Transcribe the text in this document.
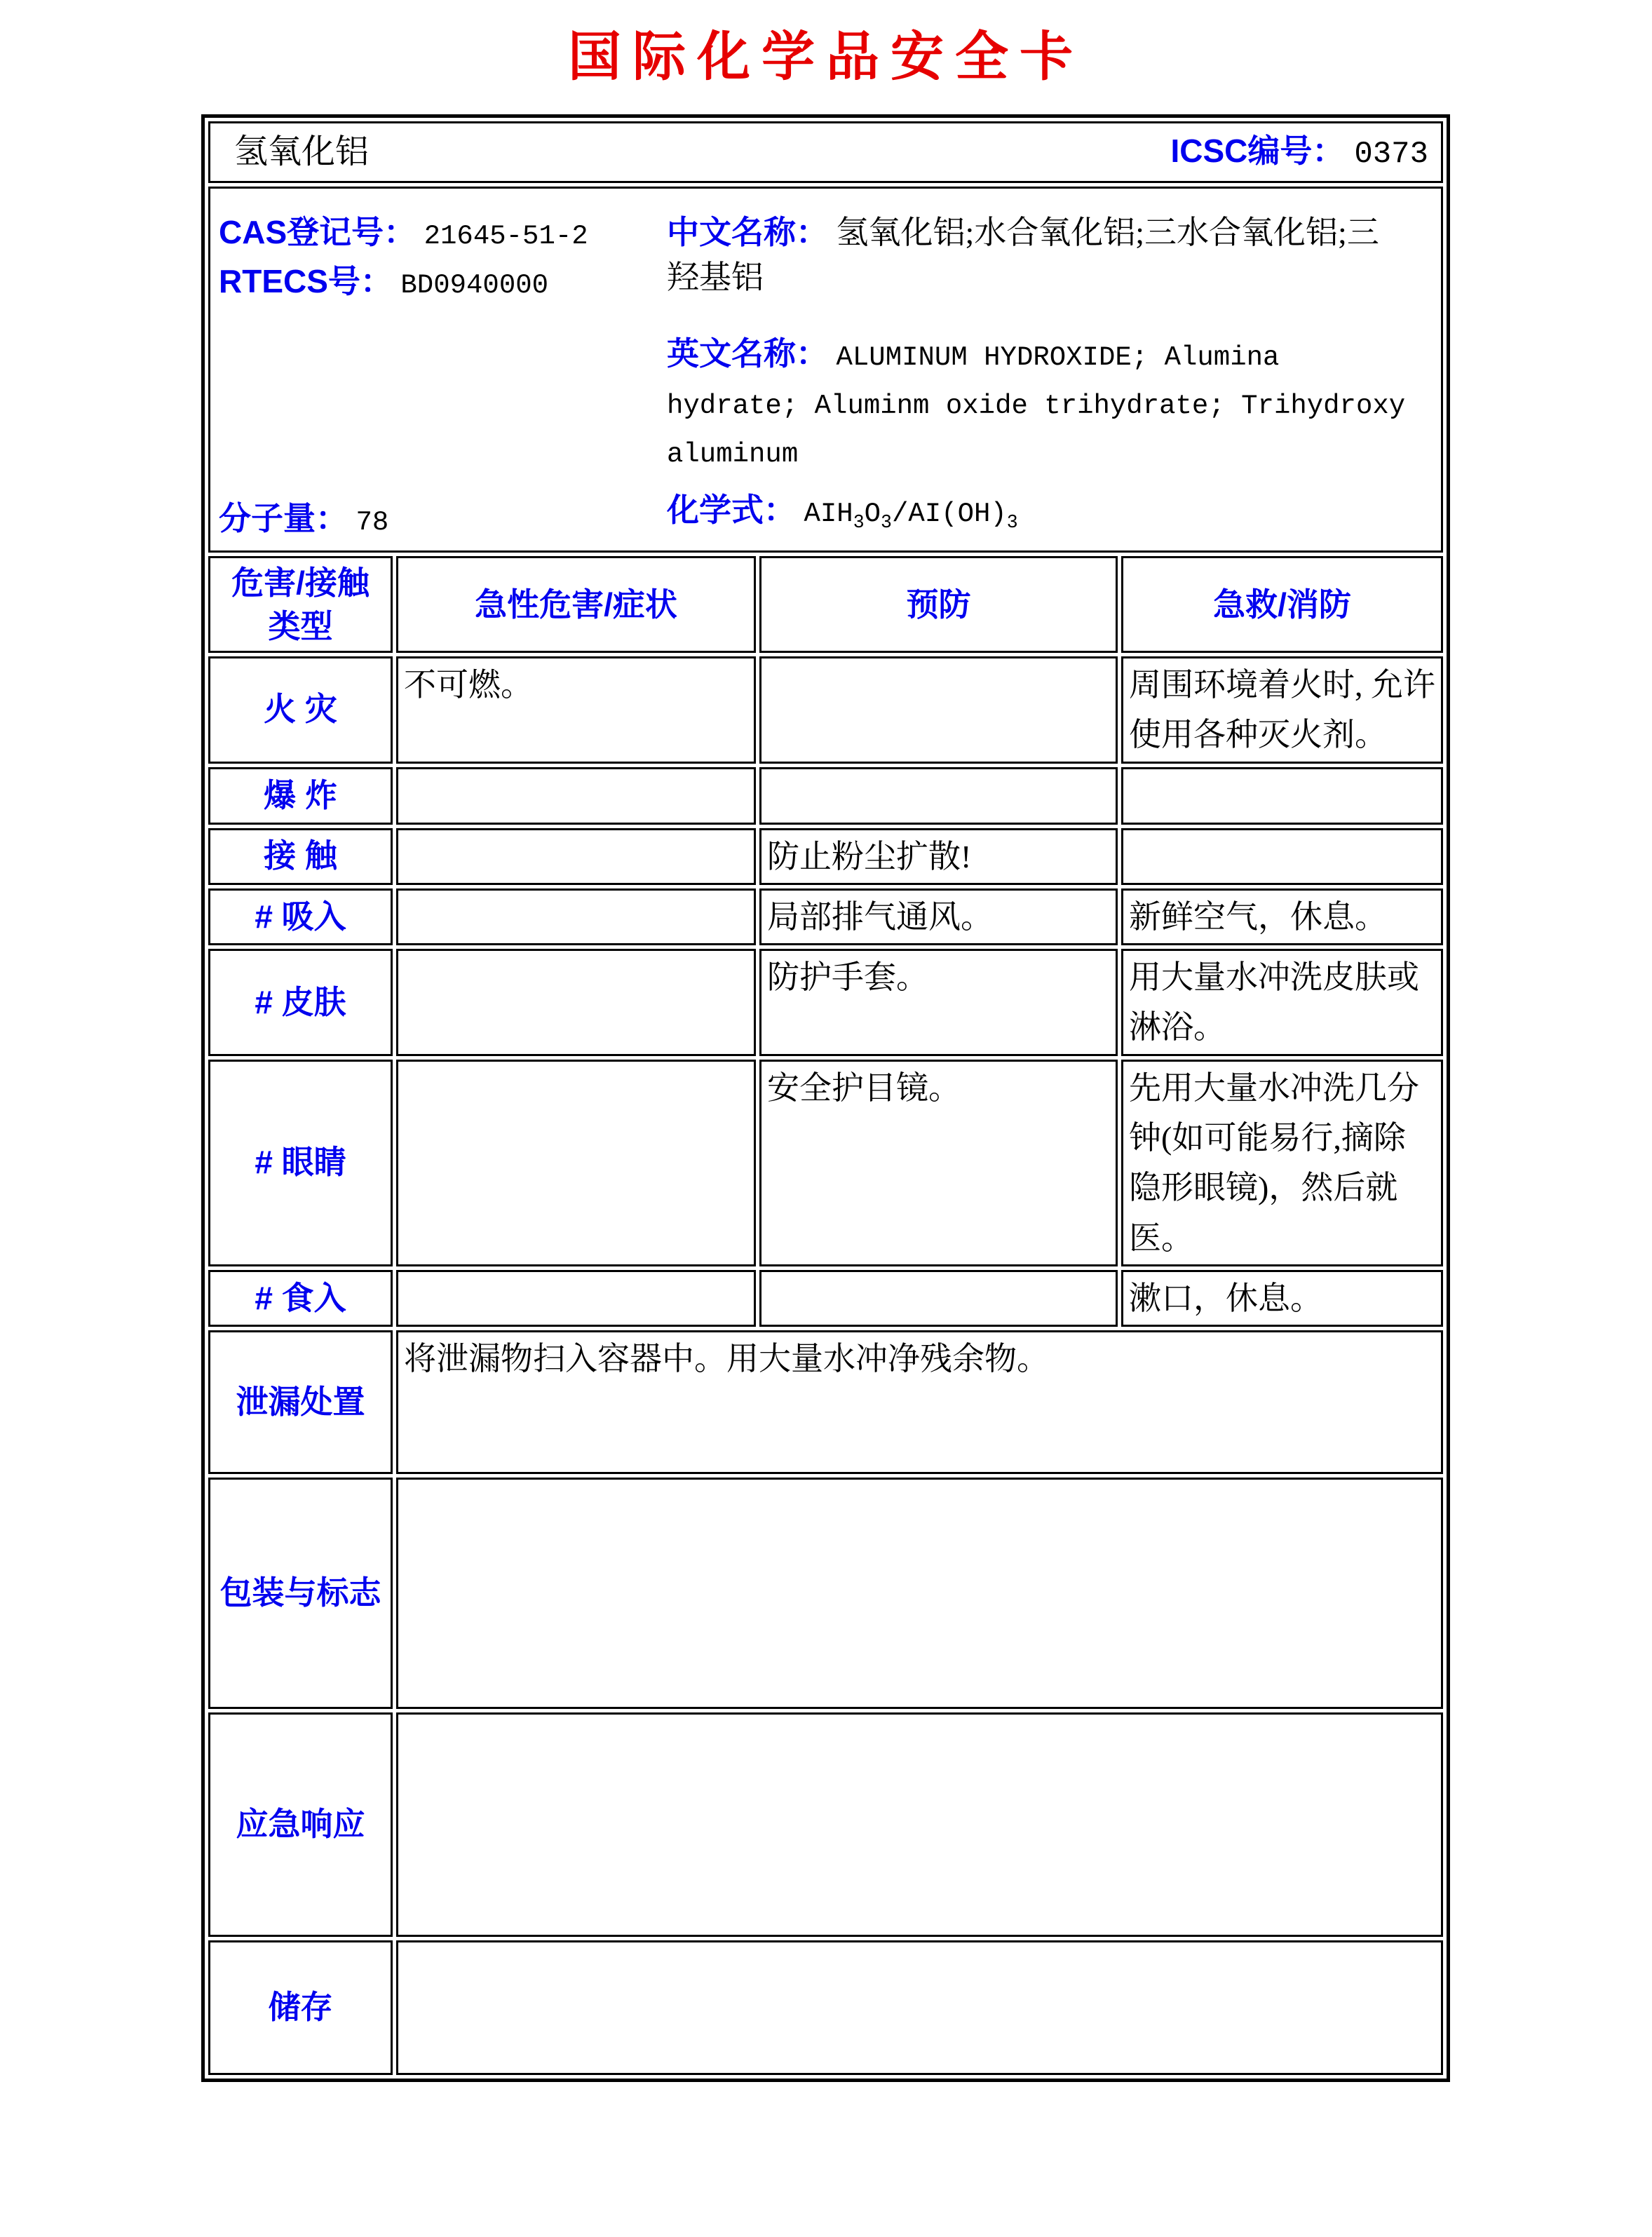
国际化学品安全卡
氢氧化铝 ICSC编号： 0373			

CAS登记号： 21645-51-2
RTECS号： BD0940000
分子量： 78
中文名称： 氢氧化铝;水合氧化铝;三水合氧化铝;三羟基铝
英文名称： ALUMINUM HYDROXIDE; Alumina hydrate; Aluminm oxide trihydrate; Trihydroxy aluminum
化学式： $AIH_3O_3/AI(OH)_3$

危害/接触类型	急性危害/症状	预防	急救/消防
火 灾	不可燃。		周围环境着火时, 允许使用各种灭火剂。
爆 炸			
接 触		防止粉尘扩散!	
# 吸入		局部排气通风。	新鲜空气，休息。
# 皮肤		防护手套。	用大量水冲洗皮肤或淋浴。
# 眼睛		安全护目镜。	先用大量水冲洗几分钟(如可能易行,摘除隐形眼镜)，然后就医。
# 食入			漱口，休息。
泄漏处置	将泄漏物扫入容器中。用大量水冲净残余物。		
包装与标志			
应急响应			
储存			
